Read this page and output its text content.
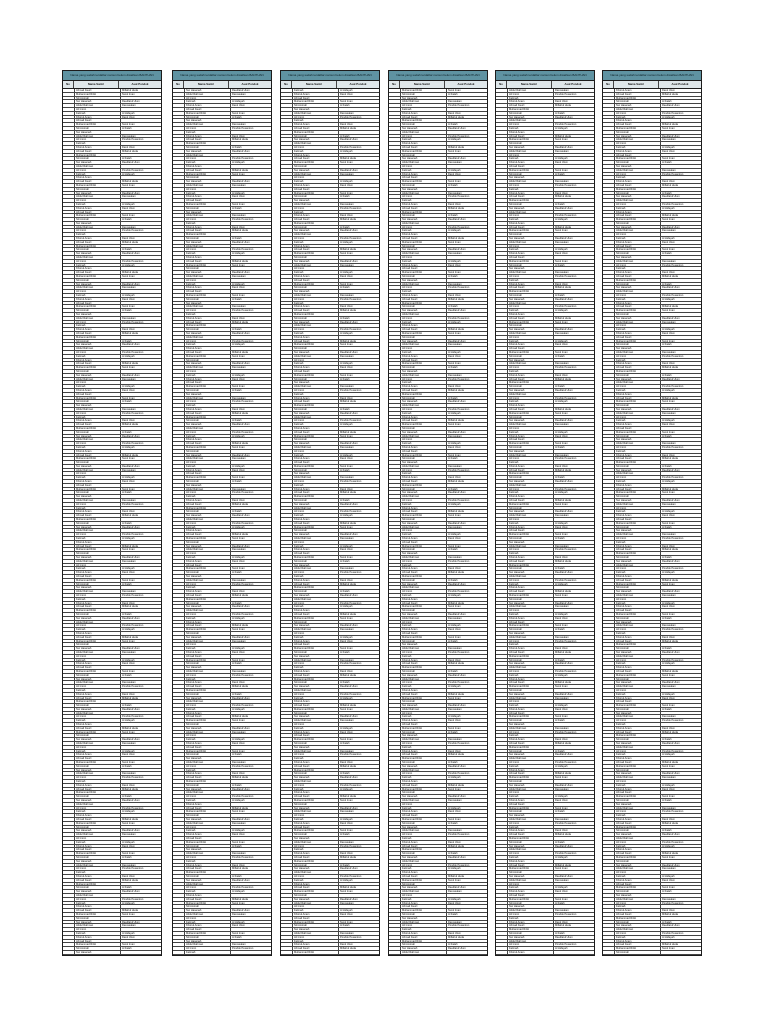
Nama yang sudah terdaftar namun belum dicairkan BANTUAN
No	Nama Santri	Asal Pondok
Ahmad Fauzi	Miftahul Huda
Muhammad Rizki	Nurul Iman
Siti Aminah
Nur Hasanah	Raudlatul Ulum
Abdul Rahman	Darussalam
Ali Imron
Fatimah	Al Hidayah
Khoirul Anam	Darul Ulum
Ahmad Fauzi
Muhammad Rizki	Nurul Iman
Siti Aminah	Al Falah
Nur Hasanah
Abdul Rahman	Darussalam
Ali Imron	Pondok Pesantren
Fatimah
Khoirul Anam	Darul Ulum
Ahmad Fauzi	Miftahul Huda
Muhammad Rizki
Siti Aminah	Al Falah
Nur Hasanah	Raudlatul Ulum
Abdul Rahman
Ali Imron	Pondok Pesantren
Fatimah	Al Hidayah
Khoirul Anam
Ahmad Fauzi	Miftahul Huda
Muhammad Rizki	Nurul Iman
Siti Aminah
Nur Hasanah	Raudlatul Ulum
Abdul Rahman	Darussalam
Ali Imron
Fatimah	Al Hidayah
Khoirul Anam	Darul Ulum
Ahmad Fauzi
Muhammad Rizki	Nurul Iman
Siti Aminah	Al Falah
Nur Hasanah
Abdul Rahman	Darussalam
Ali Imron	Pondok Pesantren
Fatimah
Khoirul Anam	Darul Ulum
Ahmad Fauzi	Miftahul Huda
Muhammad Rizki
Siti Aminah	Al Falah
Nur Hasanah	Raudlatul Ulum
Abdul Rahman
Ali Imron	Pondok Pesantren
Fatimah	Al Hidayah
Khoirul Anam
Ahmad Fauzi	Miftahul Huda
Muhammad Rizki	Nurul Iman
Siti Aminah
Nur Hasanah	Raudlatul Ulum
Abdul Rahman	Darussalam
Ali Imron
Fatimah	Al Hidayah
Khoirul Anam	Darul Ulum
Ahmad Fauzi
Muhammad Rizki	Nurul Iman
Siti Aminah	Al Falah
Nur Hasanah
Abdul Rahman	Darussalam
Ali Imron	Pondok Pesantren
Fatimah
Khoirul Anam	Darul Ulum
Ahmad Fauzi	Miftahul Huda
Muhammad Rizki
Siti Aminah	Al Falah
Nur Hasanah	Raudlatul Ulum
Abdul Rahman
Ali Imron	Pondok Pesantren
Fatimah	Al Hidayah
Khoirul Anam
Ahmad Fauzi	Miftahul Huda
Muhammad Rizki	Nurul Iman
Siti Aminah
Nur Hasanah	Raudlatul Ulum
Abdul Rahman	Darussalam
Ali Imron
Fatimah	Al Hidayah
Khoirul Anam	Darul Ulum
Ahmad Fauzi
Muhammad Rizki	Nurul Iman
Siti Aminah	Al Falah
Nur Hasanah
Abdul Rahman	Darussalam
Ali Imron	Pondok Pesantren
Fatimah
Khoirul Anam	Darul Ulum
Ahmad Fauzi	Miftahul Huda
Muhammad Rizki
Siti Aminah	Al Falah
Nur Hasanah	Raudlatul Ulum
Abdul Rahman
Ali Imron	Pondok Pesantren
Fatimah	Al Hidayah
Khoirul Anam
Ahmad Fauzi	Miftahul Huda
Muhammad Rizki	Nurul Iman
Siti Aminah
Nur Hasanah	Raudlatul Ulum
Abdul Rahman	Darussalam
Ali Imron
Fatimah	Al Hidayah
Khoirul Anam	Darul Ulum
Ahmad Fauzi
Muhammad Rizki	Nurul Iman
Siti Aminah	Al Falah
Nur Hasanah
Abdul Rahman	Darussalam
Ali Imron	Pondok Pesantren
Fatimah
Khoirul Anam	Darul Ulum
Ahmad Fauzi	Miftahul Huda
Muhammad Rizki
Siti Aminah	Al Falah
Nur Hasanah	Raudlatul Ulum
Abdul Rahman
Ali Imron	Pondok Pesantren
Fatimah	Al Hidayah
Khoirul Anam
Ahmad Fauzi	Miftahul Huda
Muhammad Rizki	Nurul Iman
Siti Aminah
Nur Hasanah	Raudlatul Ulum
Abdul Rahman	Darussalam
Ali Imron
Fatimah	Al Hidayah
Khoirul Anam	Darul Ulum
Ahmad Fauzi
Muhammad Rizki	Nurul Iman
Siti Aminah	Al Falah
Nur Hasanah
Abdul Rahman	Darussalam
Ali Imron	Pondok Pesantren
Fatimah
Khoirul Anam	Darul Ulum
Ahmad Fauzi	Miftahul Huda
Muhammad Rizki
Siti Aminah	Al Falah
Nur Hasanah	Raudlatul Ulum
Abdul Rahman
Ali Imron	Pondok Pesantren
Fatimah	Al Hidayah
Khoirul Anam
Ahmad Fauzi	Miftahul Huda
Muhammad Rizki	Nurul Iman
Siti Aminah
Nur Hasanah	Raudlatul Ulum
Abdul Rahman	Darussalam
Ali Imron
Fatimah	Al Hidayah
Khoirul Anam	Darul Ulum
Ahmad Fauzi
Muhammad Rizki	Nurul Iman
Siti Aminah	Al Falah
Nur Hasanah
Abdul Rahman	Darussalam
Ali Imron	Pondok Pesantren
Fatimah
Khoirul Anam	Darul Ulum
Ahmad Fauzi	Miftahul Huda
Muhammad Rizki
Siti Aminah	Al Falah
Nur Hasanah	Raudlatul Ulum
Abdul Rahman
Ali Imron	Pondok Pesantren
Fatimah	Al Hidayah
Khoirul Anam
Ahmad Fauzi	Miftahul Huda
Muhammad Rizki	Nurul Iman
Siti Aminah
Nur Hasanah	Raudlatul Ulum
Abdul Rahman	Darussalam
Ali Imron
Fatimah	Al Hidayah
Khoirul Anam	Darul Ulum
Ahmad Fauzi
Muhammad Rizki	Nurul Iman
Siti Aminah	Al Falah
Nur Hasanah
Abdul Rahman	Darussalam
Ali Imron	Pondok Pesantren
Fatimah
Khoirul Anam	Darul Ulum
Ahmad Fauzi	Miftahul Huda
Muhammad Rizki
Siti Aminah	Al Falah
Nur Hasanah	Raudlatul Ulum
Abdul Rahman
Ali Imron	Pondok Pesantren
Fatimah	Al Hidayah
Khoirul Anam
Ahmad Fauzi	Miftahul Huda
Muhammad Rizki	Nurul Iman
Siti Aminah
Nur Hasanah	Raudlatul Ulum
Abdul Rahman	Darussalam
Ali Imron
Fatimah	Al Hidayah
Khoirul Anam	Darul Ulum
Ahmad Fauzi
Muhammad Rizki	Nurul Iman
Siti Aminah	Al Falah
Nur Hasanah
Abdul Rahman	Darussalam
Ali Imron	Pondok Pesantren
Fatimah
Khoirul Anam	Darul Ulum
Ahmad Fauzi	Miftahul Huda
Muhammad Rizki
Siti Aminah	Al Falah
Nur Hasanah	Raudlatul Ulum
Abdul Rahman
Ali Imron	Pondok Pesantren
Fatimah	Al Hidayah
Khoirul Anam
Ahmad Fauzi	Miftahul Huda
Muhammad Rizki	Nurul Iman
Siti Aminah
Nur Hasanah	Raudlatul Ulum
Abdul Rahman	Darussalam
Ali Imron
Fatimah	Al Hidayah
Khoirul Anam	Darul Ulum
Ahmad Fauzi
Muhammad Rizki	Nurul Iman
Siti Aminah	Al Falah
Nur Hasanah
Nama yang sudah terdaftar namun belum dicairkan BANTUAN
No	Nama Santri	Asal Pondok
Nur Hasanah	Raudlatul Ulum
Abdul Rahman	Darussalam
Ali Imron
Fatimah	Al Hidayah
Khoirul Anam	Darul Ulum
Ahmad Fauzi
Muhammad Rizki	Nurul Iman
Siti Aminah	Al Falah
Nur Hasanah
Abdul Rahman	Darussalam
Ali Imron	Pondok Pesantren
Fatimah
Khoirul Anam	Darul Ulum
Ahmad Fauzi	Miftahul Huda
Muhammad Rizki
Siti Aminah	Al Falah
Nur Hasanah	Raudlatul Ulum
Abdul Rahman
Ali Imron	Pondok Pesantren
Fatimah	Al Hidayah
Khoirul Anam
Ahmad Fauzi	Miftahul Huda
Muhammad Rizki	Nurul Iman
Siti Aminah
Nur Hasanah	Raudlatul Ulum
Abdul Rahman	Darussalam
Ali Imron
Fatimah	Al Hidayah
Khoirul Anam	Darul Ulum
Ahmad Fauzi
Muhammad Rizki	Nurul Iman
Siti Aminah	Al Falah
Nur Hasanah
Abdul Rahman	Darussalam
Ali Imron	Pondok Pesantren
Fatimah
Khoirul Anam	Darul Ulum
Ahmad Fauzi	Miftahul Huda
Muhammad Rizki
Siti Aminah	Al Falah
Nur Hasanah	Raudlatul Ulum
Abdul Rahman
Ali Imron	Pondok Pesantren
Fatimah	Al Hidayah
Khoirul Anam
Ahmad Fauzi	Miftahul Huda
Muhammad Rizki	Nurul Iman
Siti Aminah
Nur Hasanah	Raudlatul Ulum
Abdul Rahman	Darussalam
Ali Imron
Fatimah	Al Hidayah
Khoirul Anam	Darul Ulum
Ahmad Fauzi
Muhammad Rizki	Nurul Iman
Siti Aminah	Al Falah
Nur Hasanah
Abdul Rahman	Darussalam
Ali Imron	Pondok Pesantren
Fatimah
Khoirul Anam	Darul Ulum
Ahmad Fauzi	Miftahul Huda
Muhammad Rizki
Siti Aminah	Al Falah
Nur Hasanah	Raudlatul Ulum
Abdul Rahman
Ali Imron	Pondok Pesantren
Fatimah	Al Hidayah
Khoirul Anam
Ahmad Fauzi	Miftahul Huda
Muhammad Rizki	Nurul Iman
Siti Aminah
Nur Hasanah	Raudlatul Ulum
Abdul Rahman	Darussalam
Ali Imron
Fatimah	Al Hidayah
Khoirul Anam	Darul Ulum
Ahmad Fauzi
Muhammad Rizki	Nurul Iman
Siti Aminah	Al Falah
Nur Hasanah
Abdul Rahman	Darussalam
Ali Imron	Pondok Pesantren
Fatimah
Khoirul Anam	Darul Ulum
Ahmad Fauzi	Miftahul Huda
Muhammad Rizki
Siti Aminah	Al Falah
Nur Hasanah	Raudlatul Ulum
Abdul Rahman
Ali Imron	Pondok Pesantren
Fatimah	Al Hidayah
Khoirul Anam
Ahmad Fauzi	Miftahul Huda
Muhammad Rizki	Nurul Iman
Siti Aminah
Nur Hasanah	Raudlatul Ulum
Abdul Rahman	Darussalam
Ali Imron
Fatimah	Al Hidayah
Khoirul Anam	Darul Ulum
Ahmad Fauzi
Muhammad Rizki	Nurul Iman
Siti Aminah	Al Falah
Nur Hasanah
Abdul Rahman	Darussalam
Ali Imron	Pondok Pesantren
Fatimah
Khoirul Anam	Darul Ulum
Ahmad Fauzi	Miftahul Huda
Muhammad Rizki
Siti Aminah	Al Falah
Nur Hasanah	Raudlatul Ulum
Abdul Rahman
Ali Imron	Pondok Pesantren
Fatimah	Al Hidayah
Khoirul Anam
Ahmad Fauzi	Miftahul Huda
Muhammad Rizki	Nurul Iman
Siti Aminah
Nur Hasanah	Raudlatul Ulum
Abdul Rahman	Darussalam
Ali Imron
Fatimah	Al Hidayah
Khoirul Anam	Darul Ulum
Ahmad Fauzi
Muhammad Rizki	Nurul Iman
Siti Aminah	Al Falah
Nur Hasanah
Abdul Rahman	Darussalam
Ali Imron	Pondok Pesantren
Fatimah
Khoirul Anam	Darul Ulum
Ahmad Fauzi	Miftahul Huda
Muhammad Rizki
Siti Aminah	Al Falah
Nur Hasanah	Raudlatul Ulum
Abdul Rahman
Ali Imron	Pondok Pesantren
Fatimah	Al Hidayah
Khoirul Anam
Ahmad Fauzi	Miftahul Huda
Muhammad Rizki	Nurul Iman
Siti Aminah
Nur Hasanah	Raudlatul Ulum
Abdul Rahman	Darussalam
Ali Imron
Fatimah	Al Hidayah
Khoirul Anam	Darul Ulum
Ahmad Fauzi
Muhammad Rizki	Nurul Iman
Siti Aminah	Al Falah
Nur Hasanah
Abdul Rahman	Darussalam
Ali Imron	Pondok Pesantren
Fatimah
Khoirul Anam	Darul Ulum
Ahmad Fauzi	Miftahul Huda
Muhammad Rizki
Siti Aminah	Al Falah
Nur Hasanah	Raudlatul Ulum
Abdul Rahman
Ali Imron	Pondok Pesantren
Fatimah	Al Hidayah
Khoirul Anam
Ahmad Fauzi	Miftahul Huda
Muhammad Rizki	Nurul Iman
Siti Aminah
Nur Hasanah	Raudlatul Ulum
Abdul Rahman	Darussalam
Ali Imron
Fatimah	Al Hidayah
Khoirul Anam	Darul Ulum
Ahmad Fauzi
Muhammad Rizki	Nurul Iman
Siti Aminah	Al Falah
Nur Hasanah
Abdul Rahman	Darussalam
Ali Imron	Pondok Pesantren
Fatimah
Khoirul Anam	Darul Ulum
Ahmad Fauzi	Miftahul Huda
Muhammad Rizki
Siti Aminah	Al Falah
Nur Hasanah	Raudlatul Ulum
Abdul Rahman
Ali Imron	Pondok Pesantren
Fatimah	Al Hidayah
Khoirul Anam
Ahmad Fauzi	Miftahul Huda
Muhammad Rizki	Nurul Iman
Siti Aminah
Nur Hasanah	Raudlatul Ulum
Abdul Rahman	Darussalam
Ali Imron
Fatimah	Al Hidayah
Khoirul Anam	Darul Ulum
Ahmad Fauzi
Muhammad Rizki	Nurul Iman
Siti Aminah	Al Falah
Nur Hasanah
Abdul Rahman	Darussalam
Ali Imron	Pondok Pesantren
Fatimah
Khoirul Anam	Darul Ulum
Ahmad Fauzi	Miftahul Huda
Muhammad Rizki
Siti Aminah	Al Falah
Nur Hasanah	Raudlatul Ulum
Abdul Rahman
Ali Imron	Pondok Pesantren
Fatimah	Al Hidayah
Khoirul Anam
Ahmad Fauzi	Miftahul Huda
Muhammad Rizki	Nurul Iman
Siti Aminah
Nur Hasanah	Raudlatul Ulum
Abdul Rahman	Darussalam
Ali Imron
Fatimah	Al Hidayah
Khoirul Anam	Darul Ulum
Ahmad Fauzi
Muhammad Rizki	Nurul Iman
Siti Aminah	Al Falah
Nur Hasanah
Abdul Rahman	Darussalam
Ali Imron	Pondok Pesantren
Fatimah
Nama yang sudah terdaftar namun belum dicairkan BANTUAN
No	Nama Santri	Asal Pondok
Fatimah	Al Hidayah
Khoirul Anam	Darul Ulum
Ahmad Fauzi
Muhammad Rizki	Nurul Iman
Siti Aminah	Al Falah
Nur Hasanah
Abdul Rahman	Darussalam
Ali Imron	Pondok Pesantren
Fatimah
Khoirul Anam	Darul Ulum
Ahmad Fauzi	Miftahul Huda
Muhammad Rizki
Siti Aminah	Al Falah
Nur Hasanah	Raudlatul Ulum
Abdul Rahman
Ali Imron	Pondok Pesantren
Fatimah	Al Hidayah
Khoirul Anam
Ahmad Fauzi	Miftahul Huda
Muhammad Rizki	Nurul Iman
Siti Aminah
Nur Hasanah	Raudlatul Ulum
Abdul Rahman	Darussalam
Ali Imron
Fatimah	Al Hidayah
Khoirul Anam	Darul Ulum
Ahmad Fauzi
Muhammad Rizki	Nurul Iman
Siti Aminah	Al Falah
Nur Hasanah
Abdul Rahman	Darussalam
Ali Imron	Pondok Pesantren
Fatimah
Khoirul Anam	Darul Ulum
Ahmad Fauzi	Miftahul Huda
Muhammad Rizki
Siti Aminah	Al Falah
Nur Hasanah	Raudlatul Ulum
Abdul Rahman
Ali Imron	Pondok Pesantren
Fatimah	Al Hidayah
Khoirul Anam
Ahmad Fauzi	Miftahul Huda
Muhammad Rizki	Nurul Iman
Siti Aminah
Nur Hasanah	Raudlatul Ulum
Abdul Rahman	Darussalam
Ali Imron
Fatimah	Al Hidayah
Khoirul Anam	Darul Ulum
Ahmad Fauzi
Muhammad Rizki	Nurul Iman
Siti Aminah	Al Falah
Nur Hasanah
Abdul Rahman	Darussalam
Ali Imron	Pondok Pesantren
Fatimah
Khoirul Anam	Darul Ulum
Ahmad Fauzi	Miftahul Huda
Muhammad Rizki
Siti Aminah	Al Falah
Nur Hasanah	Raudlatul Ulum
Abdul Rahman
Ali Imron	Pondok Pesantren
Fatimah	Al Hidayah
Khoirul Anam
Ahmad Fauzi	Miftahul Huda
Muhammad Rizki	Nurul Iman
Siti Aminah
Nur Hasanah	Raudlatul Ulum
Abdul Rahman	Darussalam
Ali Imron
Fatimah	Al Hidayah
Khoirul Anam	Darul Ulum
Ahmad Fauzi
Muhammad Rizki	Nurul Iman
Siti Aminah	Al Falah
Nur Hasanah
Abdul Rahman	Darussalam
Ali Imron	Pondok Pesantren
Fatimah
Khoirul Anam	Darul Ulum
Ahmad Fauzi	Miftahul Huda
Muhammad Rizki
Siti Aminah	Al Falah
Nur Hasanah	Raudlatul Ulum
Abdul Rahman
Ali Imron	Pondok Pesantren
Fatimah	Al Hidayah
Khoirul Anam
Ahmad Fauzi	Miftahul Huda
Muhammad Rizki	Nurul Iman
Siti Aminah
Nur Hasanah	Raudlatul Ulum
Abdul Rahman	Darussalam
Ali Imron
Fatimah	Al Hidayah
Khoirul Anam	Darul Ulum
Ahmad Fauzi
Muhammad Rizki	Nurul Iman
Siti Aminah	Al Falah
Nur Hasanah
Abdul Rahman	Darussalam
Ali Imron	Pondok Pesantren
Fatimah
Khoirul Anam	Darul Ulum
Ahmad Fauzi	Miftahul Huda
Muhammad Rizki
Siti Aminah	Al Falah
Nur Hasanah	Raudlatul Ulum
Abdul Rahman
Ali Imron	Pondok Pesantren
Fatimah	Al Hidayah
Khoirul Anam
Ahmad Fauzi	Miftahul Huda
Muhammad Rizki	Nurul Iman
Siti Aminah
Nur Hasanah	Raudlatul Ulum
Abdul Rahman	Darussalam
Ali Imron
Fatimah	Al Hidayah
Khoirul Anam	Darul Ulum
Ahmad Fauzi
Muhammad Rizki	Nurul Iman
Siti Aminah	Al Falah
Nur Hasanah
Abdul Rahman	Darussalam
Ali Imron	Pondok Pesantren
Fatimah
Khoirul Anam	Darul Ulum
Ahmad Fauzi	Miftahul Huda
Muhammad Rizki
Siti Aminah	Al Falah
Nur Hasanah	Raudlatul Ulum
Abdul Rahman
Ali Imron	Pondok Pesantren
Fatimah	Al Hidayah
Khoirul Anam
Ahmad Fauzi	Miftahul Huda
Muhammad Rizki	Nurul Iman
Siti Aminah
Nur Hasanah	Raudlatul Ulum
Abdul Rahman	Darussalam
Ali Imron
Fatimah	Al Hidayah
Khoirul Anam	Darul Ulum
Ahmad Fauzi
Muhammad Rizki	Nurul Iman
Siti Aminah	Al Falah
Nur Hasanah
Abdul Rahman	Darussalam
Ali Imron	Pondok Pesantren
Fatimah
Khoirul Anam	Darul Ulum
Ahmad Fauzi	Miftahul Huda
Muhammad Rizki
Siti Aminah	Al Falah
Nur Hasanah	Raudlatul Ulum
Abdul Rahman
Ali Imron	Pondok Pesantren
Fatimah	Al Hidayah
Khoirul Anam
Ahmad Fauzi	Miftahul Huda
Muhammad Rizki	Nurul Iman
Siti Aminah
Nur Hasanah	Raudlatul Ulum
Abdul Rahman	Darussalam
Ali Imron
Fatimah	Al Hidayah
Khoirul Anam	Darul Ulum
Ahmad Fauzi
Muhammad Rizki	Nurul Iman
Siti Aminah	Al Falah
Nur Hasanah
Abdul Rahman	Darussalam
Ali Imron	Pondok Pesantren
Fatimah
Khoirul Anam	Darul Ulum
Ahmad Fauzi	Miftahul Huda
Muhammad Rizki
Siti Aminah	Al Falah
Nur Hasanah	Raudlatul Ulum
Abdul Rahman
Ali Imron	Pondok Pesantren
Fatimah	Al Hidayah
Khoirul Anam
Ahmad Fauzi	Miftahul Huda
Muhammad Rizki	Nurul Iman
Siti Aminah
Nur Hasanah	Raudlatul Ulum
Abdul Rahman	Darussalam
Ali Imron
Fatimah	Al Hidayah
Khoirul Anam	Darul Ulum
Ahmad Fauzi
Muhammad Rizki	Nurul Iman
Siti Aminah	Al Falah
Nur Hasanah
Abdul Rahman	Darussalam
Ali Imron	Pondok Pesantren
Fatimah
Khoirul Anam	Darul Ulum
Ahmad Fauzi	Miftahul Huda
Muhammad Rizki
Siti Aminah	Al Falah
Nur Hasanah	Raudlatul Ulum
Abdul Rahman
Ali Imron	Pondok Pesantren
Fatimah	Al Hidayah
Khoirul Anam
Ahmad Fauzi	Miftahul Huda
Muhammad Rizki	Nurul Iman
Siti Aminah
Nur Hasanah	Raudlatul Ulum
Abdul Rahman	Darussalam
Ali Imron
Fatimah	Al Hidayah
Khoirul Anam	Darul Ulum
Ahmad Fauzi
Muhammad Rizki	Nurul Iman
Siti Aminah	Al Falah
Nur Hasanah
Abdul Rahman	Darussalam
Ali Imron	Pondok Pesantren
Fatimah
Khoirul Anam	Darul Ulum
Ahmad Fauzi	Miftahul Huda
Muhammad Rizki
Nama yang sudah terdaftar namun belum dicairkan BANTUAN
No	Nama Santri	Asal Pondok
Muhammad Rizki	Nurul Iman
Siti Aminah	Al Falah
Nur Hasanah
Abdul Rahman	Darussalam
Ali Imron	Pondok Pesantren
Fatimah
Khoirul Anam	Darul Ulum
Ahmad Fauzi	Miftahul Huda
Muhammad Rizki
Siti Aminah	Al Falah
Nur Hasanah	Raudlatul Ulum
Abdul Rahman
Ali Imron	Pondok Pesantren
Fatimah	Al Hidayah
Khoirul Anam
Ahmad Fauzi	Miftahul Huda
Muhammad Rizki	Nurul Iman
Siti Aminah
Nur Hasanah	Raudlatul Ulum
Abdul Rahman	Darussalam
Ali Imron
Fatimah	Al Hidayah
Khoirul Anam	Darul Ulum
Ahmad Fauzi
Muhammad Rizki	Nurul Iman
Siti Aminah	Al Falah
Nur Hasanah
Abdul Rahman	Darussalam
Ali Imron	Pondok Pesantren
Fatimah
Khoirul Anam	Darul Ulum
Ahmad Fauzi	Miftahul Huda
Muhammad Rizki
Siti Aminah	Al Falah
Nur Hasanah	Raudlatul Ulum
Abdul Rahman
Ali Imron	Pondok Pesantren
Fatimah	Al Hidayah
Khoirul Anam
Ahmad Fauzi	Miftahul Huda
Muhammad Rizki	Nurul Iman
Siti Aminah
Nur Hasanah	Raudlatul Ulum
Abdul Rahman	Darussalam
Ali Imron
Fatimah	Al Hidayah
Khoirul Anam	Darul Ulum
Ahmad Fauzi
Muhammad Rizki	Nurul Iman
Siti Aminah	Al Falah
Nur Hasanah
Abdul Rahman	Darussalam
Ali Imron	Pondok Pesantren
Fatimah
Khoirul Anam	Darul Ulum
Ahmad Fauzi	Miftahul Huda
Muhammad Rizki
Siti Aminah	Al Falah
Nur Hasanah	Raudlatul Ulum
Abdul Rahman
Ali Imron	Pondok Pesantren
Fatimah	Al Hidayah
Khoirul Anam
Ahmad Fauzi	Miftahul Huda
Muhammad Rizki	Nurul Iman
Siti Aminah
Nur Hasanah	Raudlatul Ulum
Abdul Rahman	Darussalam
Ali Imron
Fatimah	Al Hidayah
Khoirul Anam	Darul Ulum
Ahmad Fauzi
Muhammad Rizki	Nurul Iman
Siti Aminah	Al Falah
Nur Hasanah
Abdul Rahman	Darussalam
Ali Imron	Pondok Pesantren
Fatimah
Khoirul Anam	Darul Ulum
Ahmad Fauzi	Miftahul Huda
Muhammad Rizki
Siti Aminah	Al Falah
Nur Hasanah	Raudlatul Ulum
Abdul Rahman
Ali Imron	Pondok Pesantren
Fatimah	Al Hidayah
Khoirul Anam
Ahmad Fauzi	Miftahul Huda
Muhammad Rizki	Nurul Iman
Siti Aminah
Nur Hasanah	Raudlatul Ulum
Abdul Rahman	Darussalam
Ali Imron
Fatimah	Al Hidayah
Khoirul Anam	Darul Ulum
Ahmad Fauzi
Muhammad Rizki	Nurul Iman
Siti Aminah	Al Falah
Nur Hasanah
Abdul Rahman	Darussalam
Ali Imron	Pondok Pesantren
Fatimah
Khoirul Anam	Darul Ulum
Ahmad Fauzi	Miftahul Huda
Muhammad Rizki
Siti Aminah	Al Falah
Nur Hasanah	Raudlatul Ulum
Abdul Rahman
Ali Imron	Pondok Pesantren
Fatimah	Al Hidayah
Khoirul Anam
Ahmad Fauzi	Miftahul Huda
Muhammad Rizki	Nurul Iman
Siti Aminah
Nur Hasanah	Raudlatul Ulum
Abdul Rahman	Darussalam
Ali Imron
Fatimah	Al Hidayah
Khoirul Anam	Darul Ulum
Ahmad Fauzi
Muhammad Rizki	Nurul Iman
Siti Aminah	Al Falah
Nur Hasanah
Abdul Rahman	Darussalam
Ali Imron	Pondok Pesantren
Fatimah
Khoirul Anam	Darul Ulum
Ahmad Fauzi	Miftahul Huda
Muhammad Rizki
Siti Aminah	Al Falah
Nur Hasanah	Raudlatul Ulum
Abdul Rahman
Ali Imron	Pondok Pesantren
Fatimah	Al Hidayah
Khoirul Anam
Ahmad Fauzi	Miftahul Huda
Muhammad Rizki	Nurul Iman
Siti Aminah
Nur Hasanah	Raudlatul Ulum
Abdul Rahman	Darussalam
Ali Imron
Fatimah	Al Hidayah
Khoirul Anam	Darul Ulum
Ahmad Fauzi
Muhammad Rizki	Nurul Iman
Siti Aminah	Al Falah
Nur Hasanah
Abdul Rahman	Darussalam
Ali Imron	Pondok Pesantren
Fatimah
Khoirul Anam	Darul Ulum
Ahmad Fauzi	Miftahul Huda
Muhammad Rizki
Siti Aminah	Al Falah
Nur Hasanah	Raudlatul Ulum
Abdul Rahman
Ali Imron	Pondok Pesantren
Fatimah	Al Hidayah
Khoirul Anam
Ahmad Fauzi	Miftahul Huda
Muhammad Rizki	Nurul Iman
Siti Aminah
Nur Hasanah	Raudlatul Ulum
Abdul Rahman	Darussalam
Ali Imron
Fatimah	Al Hidayah
Khoirul Anam	Darul Ulum
Ahmad Fauzi
Muhammad Rizki	Nurul Iman
Siti Aminah	Al Falah
Nur Hasanah
Abdul Rahman	Darussalam
Ali Imron	Pondok Pesantren
Fatimah
Khoirul Anam	Darul Ulum
Ahmad Fauzi	Miftahul Huda
Muhammad Rizki
Siti Aminah	Al Falah
Nur Hasanah	Raudlatul Ulum
Abdul Rahman
Ali Imron	Pondok Pesantren
Fatimah	Al Hidayah
Khoirul Anam
Ahmad Fauzi	Miftahul Huda
Muhammad Rizki	Nurul Iman
Siti Aminah
Nur Hasanah	Raudlatul Ulum
Abdul Rahman	Darussalam
Ali Imron
Fatimah	Al Hidayah
Khoirul Anam	Darul Ulum
Ahmad Fauzi
Muhammad Rizki	Nurul Iman
Siti Aminah	Al Falah
Nur Hasanah
Abdul Rahman	Darussalam
Ali Imron	Pondok Pesantren
Fatimah
Khoirul Anam	Darul Ulum
Ahmad Fauzi	Miftahul Huda
Muhammad Rizki
Siti Aminah	Al Falah
Nur Hasanah	Raudlatul Ulum
Abdul Rahman
Ali Imron	Pondok Pesantren
Fatimah	Al Hidayah
Khoirul Anam
Ahmad Fauzi	Miftahul Huda
Muhammad Rizki	Nurul Iman
Siti Aminah
Nur Hasanah	Raudlatul Ulum
Abdul Rahman	Darussalam
Ali Imron
Fatimah	Al Hidayah
Khoirul Anam	Darul Ulum
Ahmad Fauzi
Muhammad Rizki	Nurul Iman
Siti Aminah	Al Falah
Nur Hasanah
Abdul Rahman	Darussalam
Ali Imron	Pondok Pesantren
Fatimah
Khoirul Anam	Darul Ulum
Ahmad Fauzi	Miftahul Huda
Muhammad Rizki
Siti Aminah	Al Falah
Nur Hasanah	Raudlatul Ulum
Abdul Rahman
Nama yang sudah terdaftar namun belum dicairkan BANTUAN
No	Nama Santri	Asal Pondok
Abdul Rahman	Darussalam
Ali Imron	Pondok Pesantren
Fatimah
Khoirul Anam	Darul Ulum
Ahmad Fauzi	Miftahul Huda
Muhammad Rizki
Siti Aminah	Al Falah
Nur Hasanah	Raudlatul Ulum
Abdul Rahman
Ali Imron	Pondok Pesantren
Fatimah	Al Hidayah
Khoirul Anam
Ahmad Fauzi	Miftahul Huda
Muhammad Rizki	Nurul Iman
Siti Aminah
Nur Hasanah	Raudlatul Ulum
Abdul Rahman	Darussalam
Ali Imron
Fatimah	Al Hidayah
Khoirul Anam	Darul Ulum
Ahmad Fauzi
Muhammad Rizki	Nurul Iman
Siti Aminah	Al Falah
Nur Hasanah
Abdul Rahman	Darussalam
Ali Imron	Pondok Pesantren
Fatimah
Khoirul Anam	Darul Ulum
Ahmad Fauzi	Miftahul Huda
Muhammad Rizki
Siti Aminah	Al Falah
Nur Hasanah	Raudlatul Ulum
Abdul Rahman
Ali Imron	Pondok Pesantren
Fatimah	Al Hidayah
Khoirul Anam
Ahmad Fauzi	Miftahul Huda
Muhammad Rizki	Nurul Iman
Siti Aminah
Nur Hasanah	Raudlatul Ulum
Abdul Rahman	Darussalam
Ali Imron
Fatimah	Al Hidayah
Khoirul Anam	Darul Ulum
Ahmad Fauzi
Muhammad Rizki	Nurul Iman
Siti Aminah	Al Falah
Nur Hasanah
Abdul Rahman	Darussalam
Ali Imron	Pondok Pesantren
Fatimah
Khoirul Anam	Darul Ulum
Ahmad Fauzi	Miftahul Huda
Muhammad Rizki
Siti Aminah	Al Falah
Nur Hasanah	Raudlatul Ulum
Abdul Rahman
Ali Imron	Pondok Pesantren
Fatimah	Al Hidayah
Khoirul Anam
Ahmad Fauzi	Miftahul Huda
Muhammad Rizki	Nurul Iman
Siti Aminah
Nur Hasanah	Raudlatul Ulum
Abdul Rahman	Darussalam
Ali Imron
Fatimah	Al Hidayah
Khoirul Anam	Darul Ulum
Ahmad Fauzi
Muhammad Rizki	Nurul Iman
Siti Aminah	Al Falah
Nur Hasanah
Abdul Rahman	Darussalam
Ali Imron	Pondok Pesantren
Fatimah
Khoirul Anam	Darul Ulum
Ahmad Fauzi	Miftahul Huda
Muhammad Rizki
Siti Aminah	Al Falah
Nur Hasanah	Raudlatul Ulum
Abdul Rahman
Ali Imron	Pondok Pesantren
Fatimah	Al Hidayah
Khoirul Anam
Ahmad Fauzi	Miftahul Huda
Muhammad Rizki	Nurul Iman
Siti Aminah
Nur Hasanah	Raudlatul Ulum
Abdul Rahman	Darussalam
Ali Imron
Fatimah	Al Hidayah
Khoirul Anam	Darul Ulum
Ahmad Fauzi
Muhammad Rizki	Nurul Iman
Siti Aminah	Al Falah
Nur Hasanah
Abdul Rahman	Darussalam
Ali Imron	Pondok Pesantren
Fatimah
Khoirul Anam	Darul Ulum
Ahmad Fauzi	Miftahul Huda
Muhammad Rizki
Siti Aminah	Al Falah
Nur Hasanah	Raudlatul Ulum
Abdul Rahman
Ali Imron	Pondok Pesantren
Fatimah	Al Hidayah
Khoirul Anam
Ahmad Fauzi	Miftahul Huda
Muhammad Rizki	Nurul Iman
Siti Aminah
Nur Hasanah	Raudlatul Ulum
Abdul Rahman	Darussalam
Ali Imron
Fatimah	Al Hidayah
Khoirul Anam	Darul Ulum
Ahmad Fauzi
Muhammad Rizki	Nurul Iman
Siti Aminah	Al Falah
Nur Hasanah
Abdul Rahman	Darussalam
Ali Imron	Pondok Pesantren
Fatimah
Khoirul Anam	Darul Ulum
Ahmad Fauzi	Miftahul Huda
Muhammad Rizki
Siti Aminah	Al Falah
Nur Hasanah	Raudlatul Ulum
Abdul Rahman
Ali Imron	Pondok Pesantren
Fatimah	Al Hidayah
Khoirul Anam
Ahmad Fauzi	Miftahul Huda
Muhammad Rizki	Nurul Iman
Siti Aminah
Nur Hasanah	Raudlatul Ulum
Abdul Rahman	Darussalam
Ali Imron
Fatimah	Al Hidayah
Khoirul Anam	Darul Ulum
Ahmad Fauzi
Muhammad Rizki	Nurul Iman
Siti Aminah	Al Falah
Nur Hasanah
Abdul Rahman	Darussalam
Ali Imron	Pondok Pesantren
Fatimah
Khoirul Anam	Darul Ulum
Ahmad Fauzi	Miftahul Huda
Muhammad Rizki
Siti Aminah	Al Falah
Nur Hasanah	Raudlatul Ulum
Abdul Rahman
Ali Imron	Pondok Pesantren
Fatimah	Al Hidayah
Khoirul Anam
Ahmad Fauzi	Miftahul Huda
Muhammad Rizki	Nurul Iman
Siti Aminah
Nur Hasanah	Raudlatul Ulum
Abdul Rahman	Darussalam
Ali Imron
Fatimah	Al Hidayah
Khoirul Anam	Darul Ulum
Ahmad Fauzi
Muhammad Rizki	Nurul Iman
Siti Aminah	Al Falah
Nur Hasanah
Abdul Rahman	Darussalam
Ali Imron	Pondok Pesantren
Fatimah
Khoirul Anam	Darul Ulum
Ahmad Fauzi	Miftahul Huda
Muhammad Rizki
Siti Aminah	Al Falah
Nur Hasanah	Raudlatul Ulum
Abdul Rahman
Ali Imron	Pondok Pesantren
Fatimah	Al Hidayah
Khoirul Anam
Ahmad Fauzi	Miftahul Huda
Muhammad Rizki	Nurul Iman
Siti Aminah
Nur Hasanah	Raudlatul Ulum
Abdul Rahman	Darussalam
Ali Imron
Fatimah	Al Hidayah
Khoirul Anam	Darul Ulum
Ahmad Fauzi
Muhammad Rizki	Nurul Iman
Siti Aminah	Al Falah
Nur Hasanah
Abdul Rahman	Darussalam
Ali Imron	Pondok Pesantren
Fatimah
Khoirul Anam	Darul Ulum
Ahmad Fauzi	Miftahul Huda
Muhammad Rizki
Siti Aminah	Al Falah
Nur Hasanah	Raudlatul Ulum
Abdul Rahman
Ali Imron	Pondok Pesantren
Fatimah	Al Hidayah
Khoirul Anam
Ahmad Fauzi	Miftahul Huda
Muhammad Rizki	Nurul Iman
Siti Aminah
Nur Hasanah	Raudlatul Ulum
Abdul Rahman	Darussalam
Ali Imron
Fatimah	Al Hidayah
Khoirul Anam	Darul Ulum
Ahmad Fauzi
Muhammad Rizki	Nurul Iman
Siti Aminah	Al Falah
Nur Hasanah
Abdul Rahman	Darussalam
Ali Imron	Pondok Pesantren
Fatimah
Khoirul Anam	Darul Ulum
Ahmad Fauzi	Miftahul Huda
Muhammad Rizki
Siti Aminah	Al Falah
Nur Hasanah	Raudlatul Ulum
Abdul Rahman
Ali Imron	Pondok Pesantren
Fatimah	Al Hidayah
Khoirul Anam
Nama yang sudah terdaftar namun belum dicairkan BANTUAN
No	Nama Santri	Asal Pondok
Khoirul Anam	Darul Ulum
Ahmad Fauzi	Miftahul Huda
Muhammad Rizki
Siti Aminah	Al Falah
Nur Hasanah	Raudlatul Ulum
Abdul Rahman
Ali Imron	Pondok Pesantren
Fatimah	Al Hidayah
Khoirul Anam
Ahmad Fauzi	Miftahul Huda
Muhammad Rizki	Nurul Iman
Siti Aminah
Nur Hasanah	Raudlatul Ulum
Abdul Rahman	Darussalam
Ali Imron
Fatimah	Al Hidayah
Khoirul Anam	Darul Ulum
Ahmad Fauzi
Muhammad Rizki	Nurul Iman
Siti Aminah	Al Falah
Nur Hasanah
Abdul Rahman	Darussalam
Ali Imron	Pondok Pesantren
Fatimah
Khoirul Anam	Darul Ulum
Ahmad Fauzi	Miftahul Huda
Muhammad Rizki
Siti Aminah	Al Falah
Nur Hasanah	Raudlatul Ulum
Abdul Rahman
Ali Imron	Pondok Pesantren
Fatimah	Al Hidayah
Khoirul Anam
Ahmad Fauzi	Miftahul Huda
Muhammad Rizki	Nurul Iman
Siti Aminah
Nur Hasanah	Raudlatul Ulum
Abdul Rahman	Darussalam
Ali Imron
Fatimah	Al Hidayah
Khoirul Anam	Darul Ulum
Ahmad Fauzi
Muhammad Rizki	Nurul Iman
Siti Aminah	Al Falah
Nur Hasanah
Abdul Rahman	Darussalam
Ali Imron	Pondok Pesantren
Fatimah
Khoirul Anam	Darul Ulum
Ahmad Fauzi	Miftahul Huda
Muhammad Rizki
Siti Aminah	Al Falah
Nur Hasanah	Raudlatul Ulum
Abdul Rahman
Ali Imron	Pondok Pesantren
Fatimah	Al Hidayah
Khoirul Anam
Ahmad Fauzi	Miftahul Huda
Muhammad Rizki	Nurul Iman
Siti Aminah
Nur Hasanah	Raudlatul Ulum
Abdul Rahman	Darussalam
Ali Imron
Fatimah	Al Hidayah
Khoirul Anam	Darul Ulum
Ahmad Fauzi
Muhammad Rizki	Nurul Iman
Siti Aminah	Al Falah
Nur Hasanah
Abdul Rahman	Darussalam
Ali Imron	Pondok Pesantren
Fatimah
Khoirul Anam	Darul Ulum
Ahmad Fauzi	Miftahul Huda
Muhammad Rizki
Siti Aminah	Al Falah
Nur Hasanah	Raudlatul Ulum
Abdul Rahman
Ali Imron	Pondok Pesantren
Fatimah	Al Hidayah
Khoirul Anam
Ahmad Fauzi	Miftahul Huda
Muhammad Rizki	Nurul Iman
Siti Aminah
Nur Hasanah	Raudlatul Ulum
Abdul Rahman	Darussalam
Ali Imron
Fatimah	Al Hidayah
Khoirul Anam	Darul Ulum
Ahmad Fauzi
Muhammad Rizki	Nurul Iman
Siti Aminah	Al Falah
Nur Hasanah
Abdul Rahman	Darussalam
Ali Imron	Pondok Pesantren
Fatimah
Khoirul Anam	Darul Ulum
Ahmad Fauzi	Miftahul Huda
Muhammad Rizki
Siti Aminah	Al Falah
Nur Hasanah	Raudlatul Ulum
Abdul Rahman
Ali Imron	Pondok Pesantren
Fatimah	Al Hidayah
Khoirul Anam
Ahmad Fauzi	Miftahul Huda
Muhammad Rizki	Nurul Iman
Siti Aminah
Nur Hasanah	Raudlatul Ulum
Abdul Rahman	Darussalam
Ali Imron
Fatimah	Al Hidayah
Khoirul Anam	Darul Ulum
Ahmad Fauzi
Muhammad Rizki	Nurul Iman
Siti Aminah	Al Falah
Nur Hasanah
Abdul Rahman	Darussalam
Ali Imron	Pondok Pesantren
Fatimah
Khoirul Anam	Darul Ulum
Ahmad Fauzi	Miftahul Huda
Muhammad Rizki
Siti Aminah	Al Falah
Nur Hasanah	Raudlatul Ulum
Abdul Rahman
Ali Imron	Pondok Pesantren
Fatimah	Al Hidayah
Khoirul Anam
Ahmad Fauzi	Miftahul Huda
Muhammad Rizki	Nurul Iman
Siti Aminah
Nur Hasanah	Raudlatul Ulum
Abdul Rahman	Darussalam
Ali Imron
Fatimah	Al Hidayah
Khoirul Anam	Darul Ulum
Ahmad Fauzi
Muhammad Rizki	Nurul Iman
Siti Aminah	Al Falah
Nur Hasanah
Abdul Rahman	Darussalam
Ali Imron	Pondok Pesantren
Fatimah
Khoirul Anam	Darul Ulum
Ahmad Fauzi	Miftahul Huda
Muhammad Rizki
Siti Aminah	Al Falah
Nur Hasanah	Raudlatul Ulum
Abdul Rahman
Ali Imron	Pondok Pesantren
Fatimah	Al Hidayah
Khoirul Anam
Ahmad Fauzi	Miftahul Huda
Muhammad Rizki	Nurul Iman
Siti Aminah
Nur Hasanah	Raudlatul Ulum
Abdul Rahman	Darussalam
Ali Imron
Fatimah	Al Hidayah
Khoirul Anam	Darul Ulum
Ahmad Fauzi
Muhammad Rizki	Nurul Iman
Siti Aminah	Al Falah
Nur Hasanah
Abdul Rahman	Darussalam
Ali Imron	Pondok Pesantren
Fatimah
Khoirul Anam	Darul Ulum
Ahmad Fauzi	Miftahul Huda
Muhammad Rizki
Siti Aminah	Al Falah
Nur Hasanah	Raudlatul Ulum
Abdul Rahman
Ali Imron	Pondok Pesantren
Fatimah	Al Hidayah
Khoirul Anam
Ahmad Fauzi	Miftahul Huda
Muhammad Rizki	Nurul Iman
Siti Aminah
Nur Hasanah	Raudlatul Ulum
Abdul Rahman	Darussalam
Ali Imron
Fatimah	Al Hidayah
Khoirul Anam	Darul Ulum
Ahmad Fauzi
Muhammad Rizki	Nurul Iman
Siti Aminah	Al Falah
Nur Hasanah
Abdul Rahman	Darussalam
Ali Imron	Pondok Pesantren
Fatimah
Khoirul Anam	Darul Ulum
Ahmad Fauzi	Miftahul Huda
Muhammad Rizki
Siti Aminah	Al Falah
Nur Hasanah	Raudlatul Ulum
Abdul Rahman
Ali Imron	Pondok Pesantren
Fatimah	Al Hidayah
Khoirul Anam
Ahmad Fauzi	Miftahul Huda
Muhammad Rizki	Nurul Iman
Siti Aminah
Nur Hasanah	Raudlatul Ulum
Abdul Rahman	Darussalam
Ali Imron
Fatimah	Al Hidayah
Khoirul Anam	Darul Ulum
Ahmad Fauzi
Muhammad Rizki	Nurul Iman
Siti Aminah	Al Falah
Nur Hasanah
Abdul Rahman	Darussalam
Ali Imron	Pondok Pesantren
Fatimah
Khoirul Anam	Darul Ulum
Ahmad Fauzi	Miftahul Huda
Muhammad Rizki
Siti Aminah	Al Falah
Nur Hasanah	Raudlatul Ulum
Abdul Rahman
Ali Imron	Pondok Pesantren
Fatimah	Al Hidayah
Khoirul Anam
Ahmad Fauzi	Miftahul Huda
Muhammad Rizki	Nurul Iman
Siti Aminah
